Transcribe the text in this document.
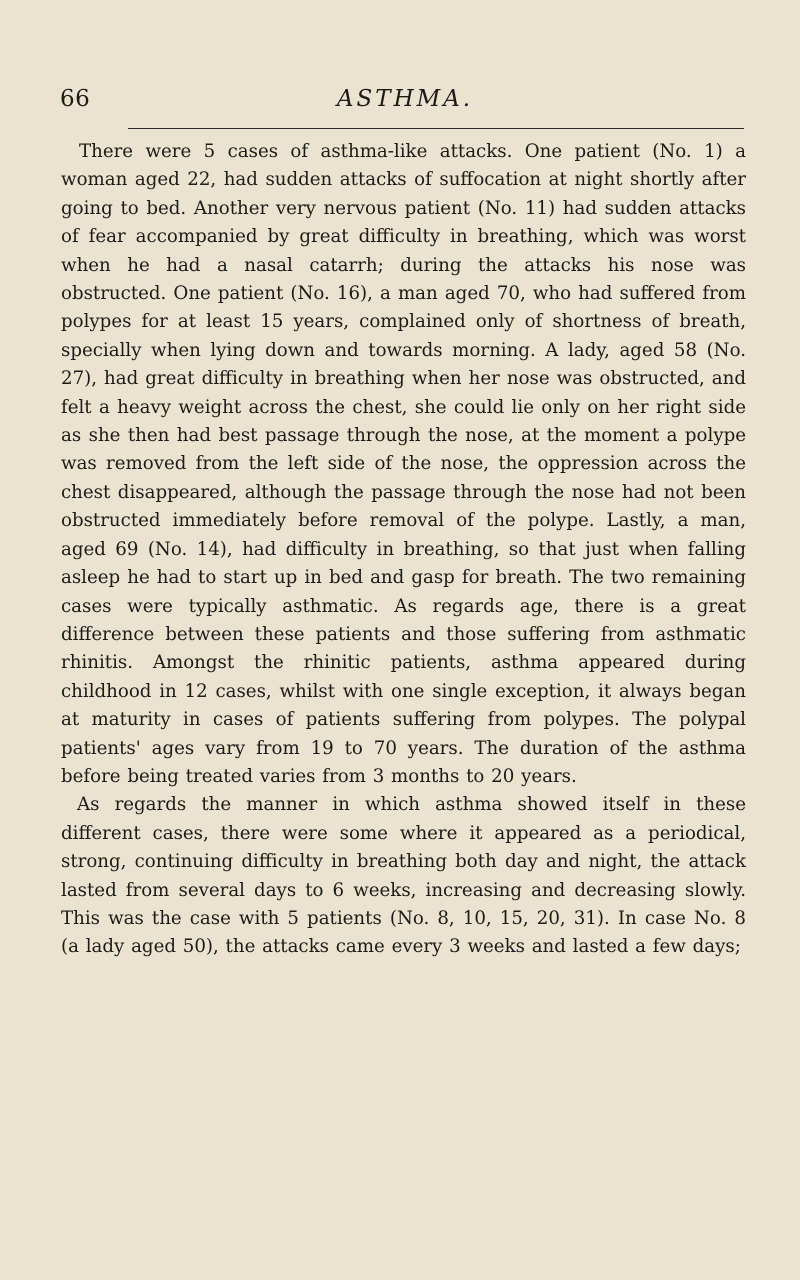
66	ASTHMA.

There were 5 cases of asthma-like attacks. One patient (No. 1) a woman aged 22, had sudden attacks of suffocation at night shortly after going to bed. Another very nervous patient (No. 11) had sudden attacks of fear accompanied by great difficulty in breathing, which was worst when he had a nasal catarrh; during the attacks his nose was obstructed. One patient (No. 16), a man aged 70, who had suffered from polypes for at least 15 years, complained only of shortness of breath, specially when lying down and towards morning. A lady, aged 58 (No. 27), had great difficulty in breathing when her nose was obstructed, and felt a heavy weight across the chest, she could lie only on her right side as she then had best passage through the nose, at the moment a polype was removed from the left side of the nose, the oppression across the chest disappeared, although the passage through the nose had not been obstructed immediately before removal of the polype. Lastly, a man, aged 69 (No. 14), had difficulty in breathing, so that just when falling asleep he had to start up in bed and gasp for breath. The two remaining cases were typically asthmatic. As regards age, there is a great difference between these patients and those suffering from asthmatic rhinitis. Amongst the rhinitic patients, asthma appeared during childhood in 12 cases, whilst with one single exception, it always began at maturity in cases of patients suffering from polypes. The polypal patients' ages vary from 19 to 70 years. The duration of the asthma before being treated varies from 3 months to 20 years.

As regards the manner in which asthma showed itself in these different cases, there were some where it appeared as a periodical, strong, continuing difficulty in breathing both day and night, the attack lasted from several days to 6 weeks, increasing and decreasing slowly. This was the case with 5 patients (No. 8, 10, 15, 20, 31). In case No. 8 (a lady aged 50), the attacks came every 3 weeks and lasted a few days;
